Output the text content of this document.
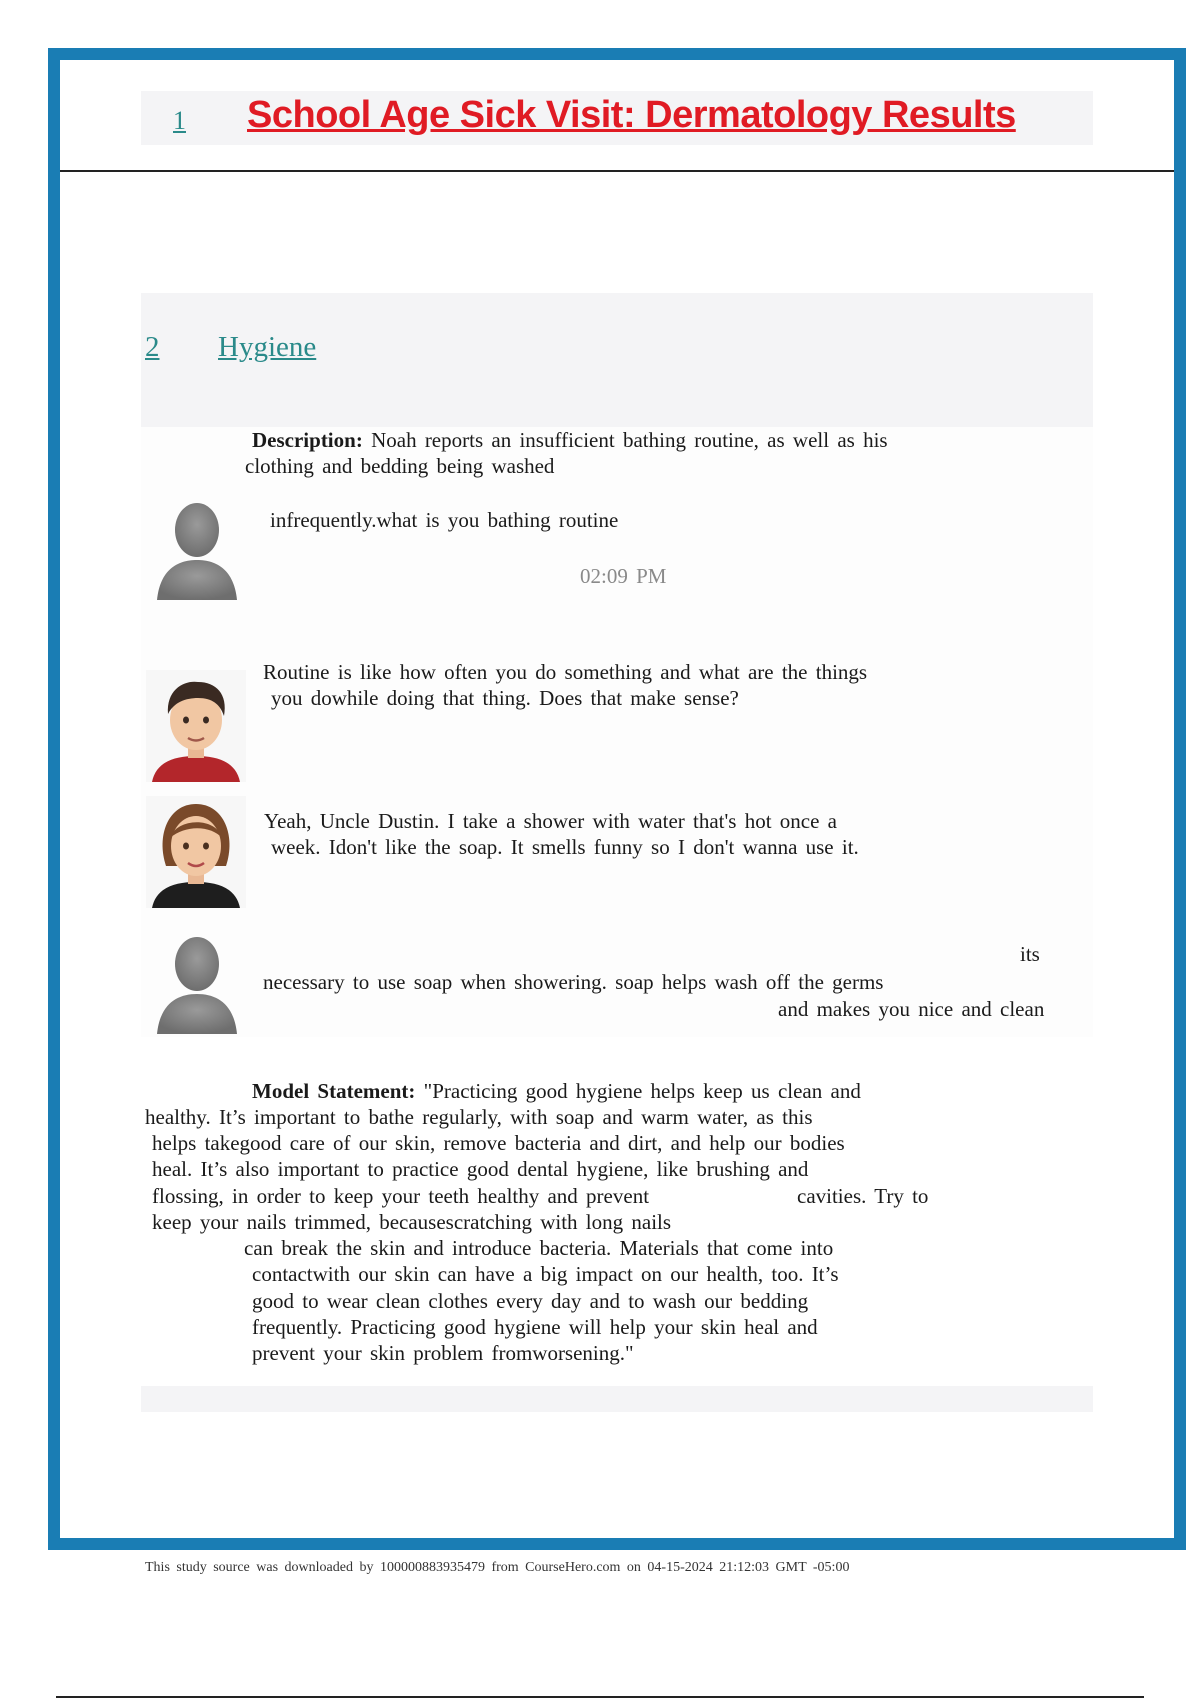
1 School Age Sick Visit: Dermatology Results
2 Hygiene
Description: Noah reports an insufficient bathing routine, as well as his
clothing and bedding being washed
infrequently.what is you bathing routine
02:09 PM
Routine is like how often you do something and what are the things
you dowhile doing that thing. Does that make sense?
Yeah, Uncle Dustin. I take a shower with water that's hot once a
week. Idon't like the soap. It smells funny so I don't wanna use it.
its
necessary to use soap when showering. soap helps wash off the germs
and makes you nice and clean
Model Statement: "Practicing good hygiene helps keep us clean and
healthy. It’s important to bathe regularly, with soap and warm water, as this
helps takegood care of our skin, remove bacteria and dirt, and help our bodies
heal. It’s also important to practice good dental hygiene, like brushing and
flossing, in order to keep your teeth healthy and prevent	cavities. Try to
keep your nails trimmed, becausescratching with long nails
can break the skin and introduce bacteria. Materials that come into
contactwith our skin can have a big impact on our health, too. It’s
good to wear clean clothes every day and to wash our bedding
frequently. Practicing good hygiene will help your skin heal and
prevent your skin problem fromworsening."
This study source was downloaded by 100000883935479 from CourseHero.com on 04-15-2024 21:12:03 GMT -05:00
